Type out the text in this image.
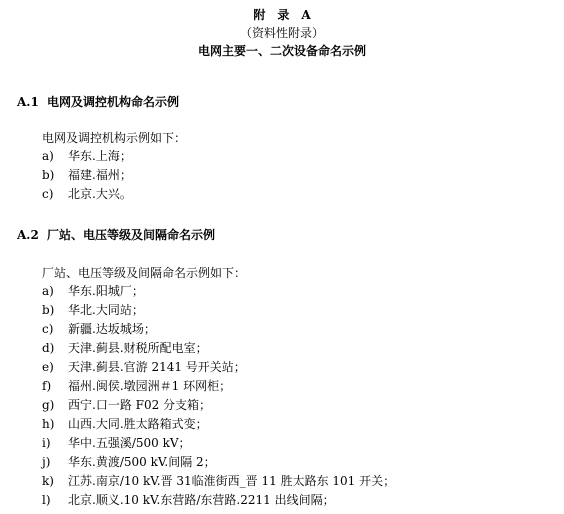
附　录　A
（资料性附录）
电网主要一、二次设备命名示例
A.1 电网及调控机构命名示例
电网及调控机构示例如下：
a) 华东.上海；
b) 福建.福州；
c) 北京.大兴。
A.2 厂站、电压等级及间隔命名示例
厂站、电压等级及间隔命名示例如下：
a) 华东.阳城厂；
b) 华北.大同站；
c) 新疆.达坂城场；
d) 天津.蓟县.财税所配电室；
e) 天津.蓟县.官游 2141 号开关站；
f) 福州.闽侯.墩园洲＃1 环网柜；
g) 西宁.口一路 F02 分支箱；
h) 山西.大同.胜太路箱式变；
i) 华中.五强溪/500 kV；
j) 华东.黄渡/500 kV.间隔 2；
k) 江苏.南京/10 kV.晋 31临淮街西_晋 11 胜太路东 101 开关；
l) 北京.顺义.10 kV.东营路/东营路.2211 出线间隔；
